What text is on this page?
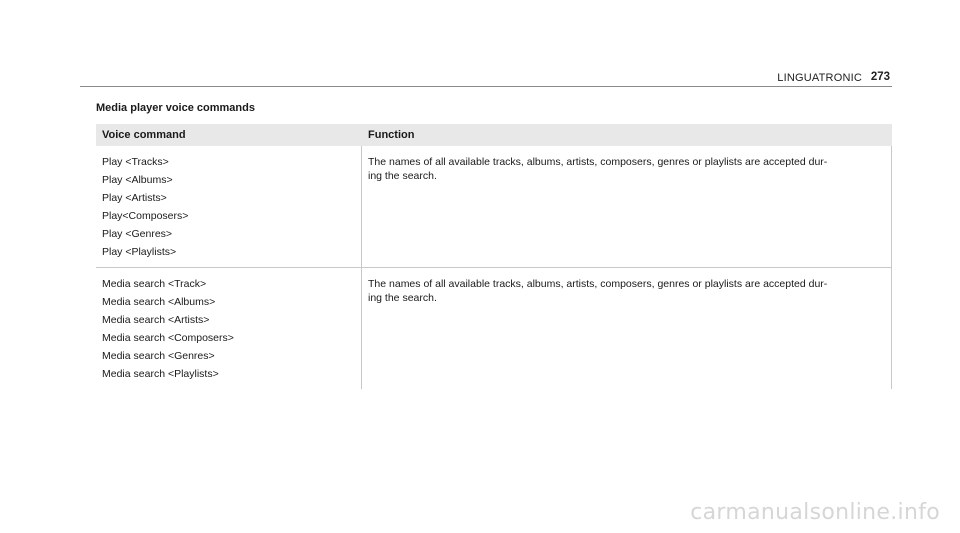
LINGUATRONIC 273
Media player voice commands
Voice command	Function
Play <Tracks>
Play <Albums>
Play <Artists>
Play<Composers>
Play <Genres>
Play <Playlists>
The names of all available tracks, albums, artists, composers, genres or playlists are accepted dur-
ing the search.
Media search <Track>
Media search <Albums>
Media search <Artists>
Media search <Composers>
Media search <Genres>
Media search <Playlists>
The names of all available tracks, albums, artists, composers, genres or playlists are accepted dur-
ing the search.
carmanualsonline.info
